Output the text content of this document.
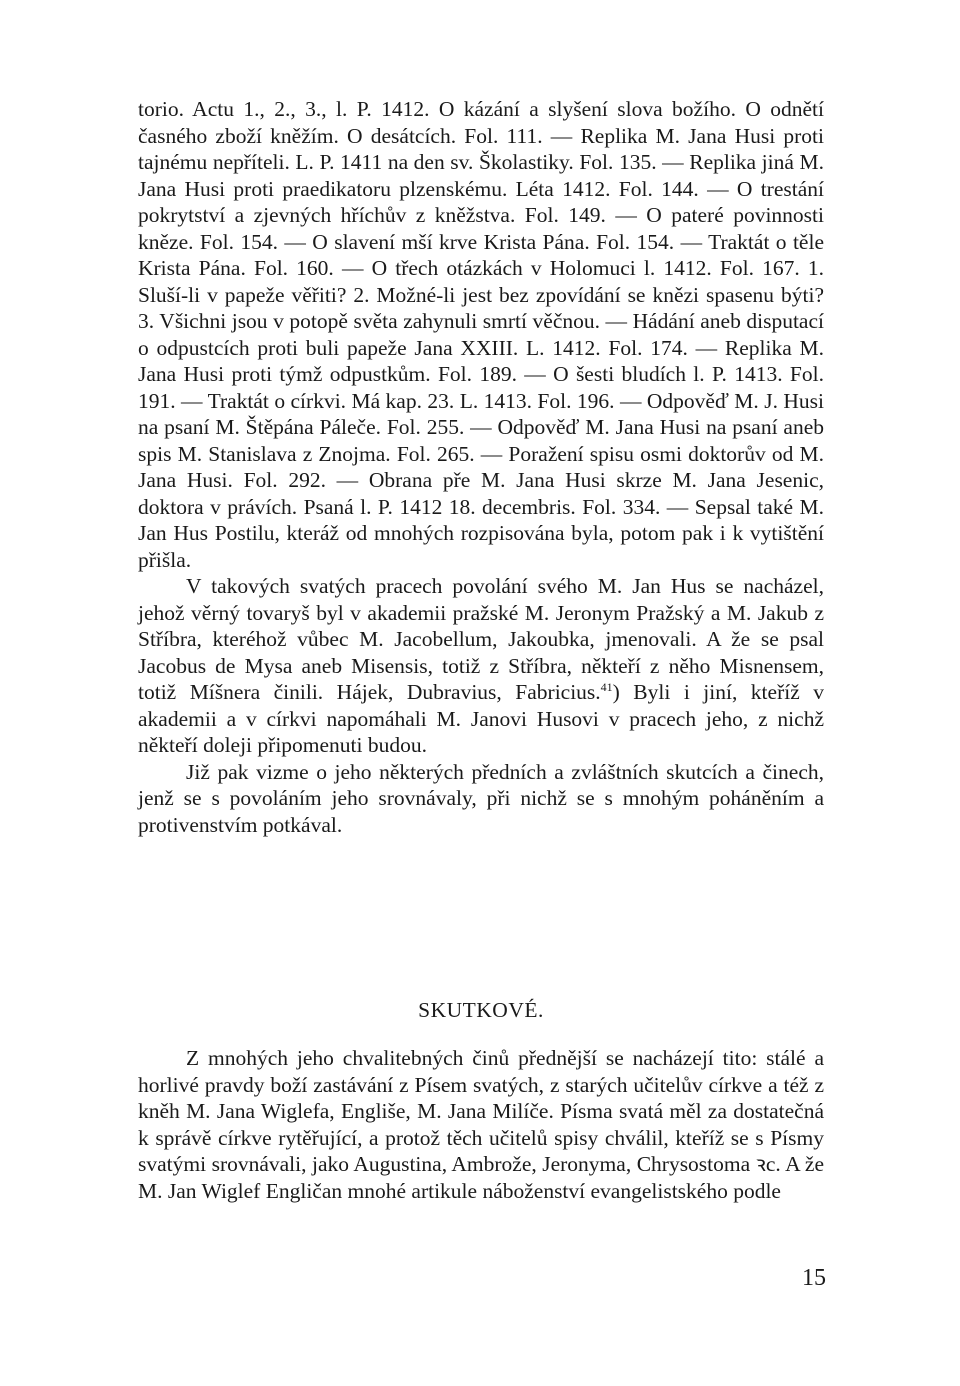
torio. Actu 1., 2., 3., l. P. 1412. O kázání a slyšení slova božího. O odnětí časného zboží kněžím. O desátcích. Fol. 111. — Replika M. Jana Husi proti tajnému nepříteli. L. P. 1411 na den sv. Školastiky. Fol. 135. — Replika jiná M. Jana Husi proti praedikatoru plzenskému. Léta 1412. Fol. 144. — O trestání pokrytství a zjevných hříchův z kněžstva. Fol. 149. — O pateré povinnosti kněze. Fol. 154. — O slavení mší krve Krista Pána. Fol. 154. — Traktát o těle Krista Pána. Fol. 160. — O třech otázkách v Holomuci l. 1412. Fol. 167. 1. Sluší-li v papeže věřiti? 2. Možné-li jest bez zpovídání se knězi spasenu býti? 3. Všichni jsou v potopě světa zahynuli smrtí věčnou. — Hádání aneb disputací o odpustcích proti buli papeže Jana XXIII. L. 1412. Fol. 174. — Replika M. Jana Husi proti týmž odpustkům. Fol. 189. — O šesti bludích l. P. 1413. Fol. 191. — Traktát o církvi. Má kap. 23. L. 1413. Fol. 196. — Odpověď M. J. Husi na psaní M. Štěpána Páleče. Fol. 255. — Odpověď M. Jana Husi na psaní aneb spis M. Stanislava z Znojma. Fol. 265. — Poražení spisu osmi doktorův od M. Jana Husi. Fol. 292. — Obrana pře M. Jana Husi skrze M. Jana Jesenic, doktora v právích. Psaná l. P. 1412 18. decembris. Fol. 334. — Sepsal také M. Jan Hus Postilu, kteráž od mnohých rozpisována byla, potom pak i k vytištění přišla.

V takových svatých pracech povolání svého M. Jan Hus se nacházel, jehož věrný tovaryš byl v akademii pražské M. Jeronym Pražský a M. Jakub z Stříbra, kteréhož vůbec M. Jacobellum, Jakoubka, jmenovali. A že se psal Jacobus de Mysa aneb Misensis, totiž z Stříbra, někteří z něho Misnensem, totiž Míšnera činili. Hájek, Dubravius, Fabricius.$^{41}$) Byli i jiní, kteříž v akademii a v církvi napomáhali M. Janovi Husovi v pracech jeho, z nichž někteří doleji připomenuti budou.

Již pak vizme o jeho některých předních a zvláštních skutcích a činech, jenž se s povoláním jeho srovnávaly, při nichž se s mnohým poháněním a protivenstvím potkával.

SKUTKOVÉ.

Z mnohých jeho chvalitebných činů přednější se nacházejí tito: stálé a horlivé pravdy boží zastávání z Písem svatých, z starých učitelův církve a též z kněh M. Jana Wiglefa, Engliše, M. Jana Milíče. Písma svatá měl za dostatečná k správě církve rytěřující, a protož těch učitelů spisy chválil, kteříž se s Písmy svatými srovnávali, jako Augustina, Ambrože, Jeronyma, Chrysostoma ꝛc. A že M. Jan Wiglef Engličan mnohé artikule náboženství evangelistského podle

15
